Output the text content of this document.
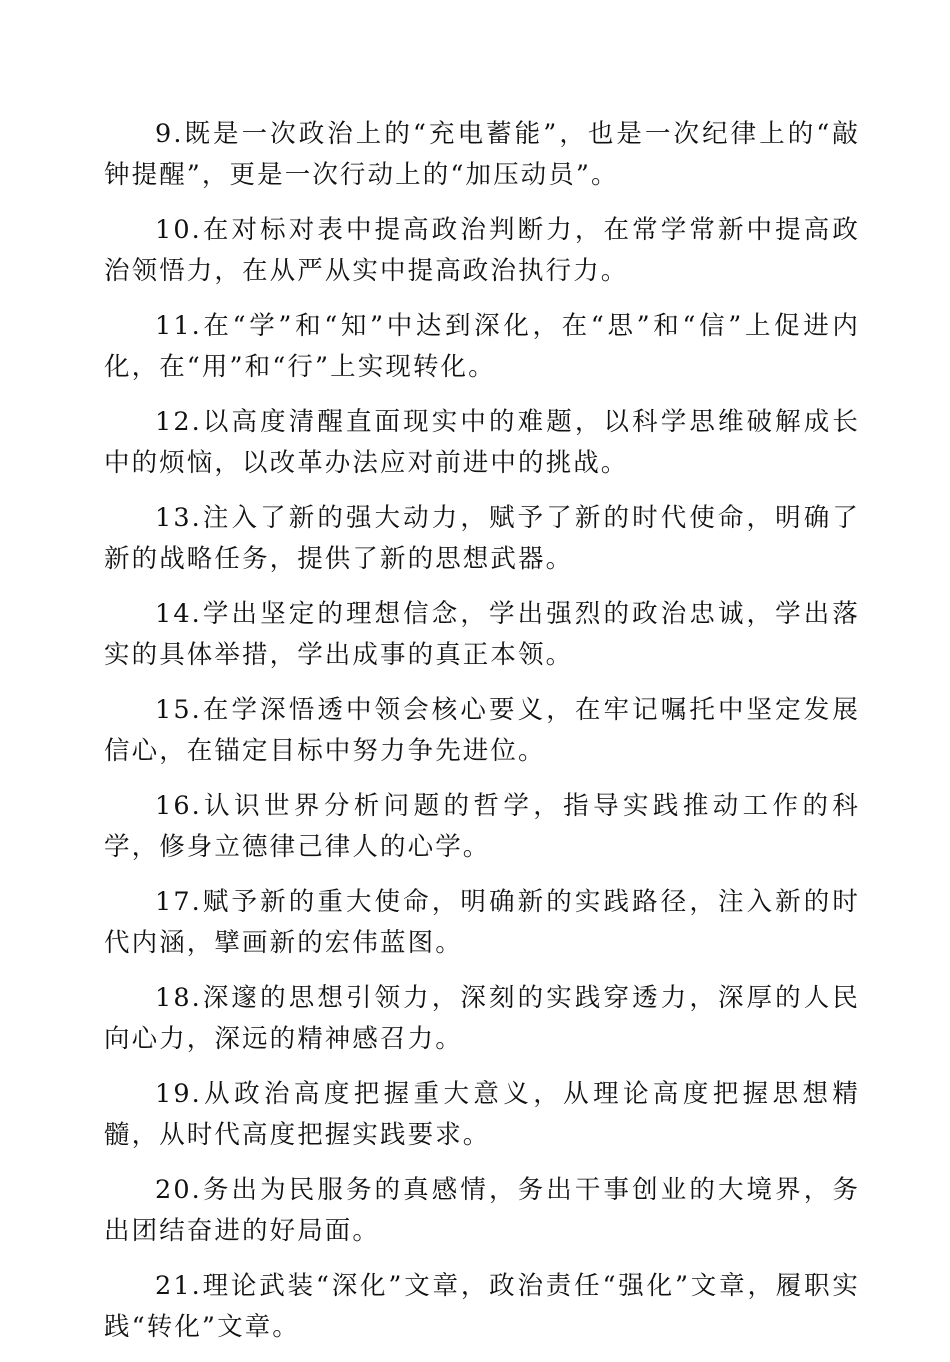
9.既是一次政治上的“充电蓄能”，也是一次纪律上的“敲钟提醒”，更是一次行动上的“加压动员”。

10.在对标对表中提高政治判断力，在常学常新中提高政治领悟力，在从严从实中提高政治执行力。

11.在“学”和“知”中达到深化，在“思”和“信”上促进内化，在“用”和“行”上实现转化。

12.以高度清醒直面现实中的难题，以科学思维破解成长中的烦恼，以改革办法应对前进中的挑战。

13.注入了新的强大动力，赋予了新的时代使命，明确了新的战略任务，提供了新的思想武器。

14.学出坚定的理想信念，学出强烈的政治忠诚，学出落实的具体举措，学出成事的真正本领。

15.在学深悟透中领会核心要义，在牢记嘱托中坚定发展信心，在锚定目标中努力争先进位。

16.认识世界分析问题的哲学，指导实践推动工作的科学，修身立德律己律人的心学。

17.赋予新的重大使命，明确新的实践路径，注入新的时代内涵，擘画新的宏伟蓝图。

18.深邃的思想引领力，深刻的实践穿透力，深厚的人民向心力，深远的精神感召力。

19.从政治高度把握重大意义，从理论高度把握思想精髓，从时代高度把握实践要求。

20.务出为民服务的真感情，务出干事创业的大境界，务出团结奋进的好局面。

21.理论武装“深化”文章，政治责任“强化”文章，履职实践“转化”文章。
